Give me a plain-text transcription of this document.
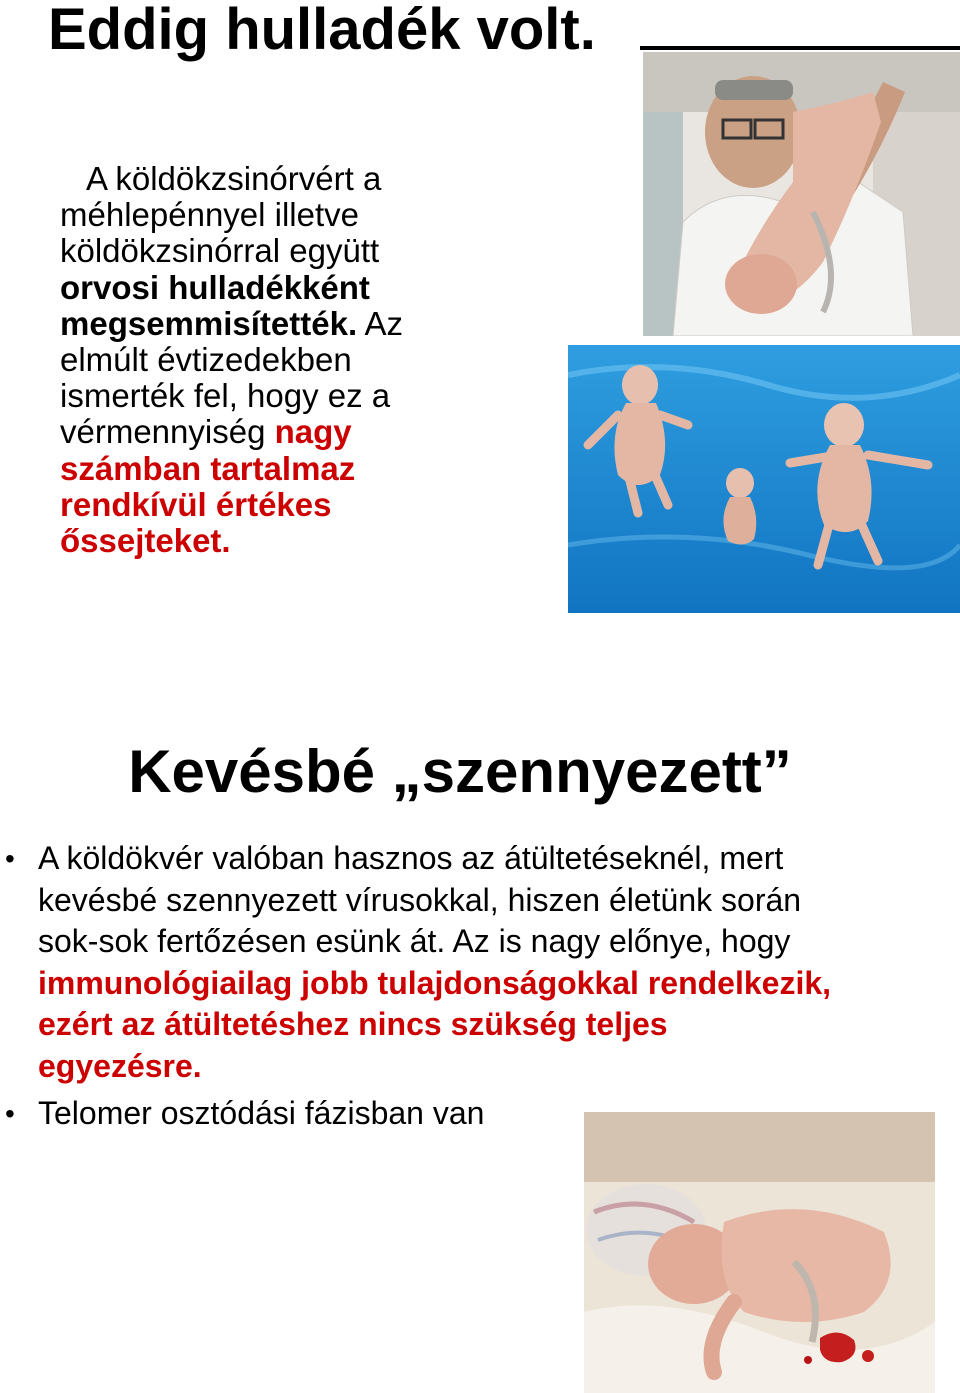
Eddig hulladék volt.
A köldökzsinórvért a méhlepénnyel illetve köldökzsinórral együtt orvosi hulladékként megsemmisítették. Az elmúlt évtizedekben ismerték fel, hogy ez a vérmennyiség nagy számban tartalmaz rendkívül értékes őssejteket.
Kevésbé „szennyezett”
• A köldökvér valóban hasznos az átültetéseknél, mert kevésbé szennyezett vírusokkal, hiszen életünk során sok-sok fertőzésen esünk át. Az is nagy előnye, hogy immunológiailag jobb tulajdonságokkal rendelkezik, ezért az átültetéshez nincs szükség teljes egyezésre.
• Telomer osztódási fázisban van
